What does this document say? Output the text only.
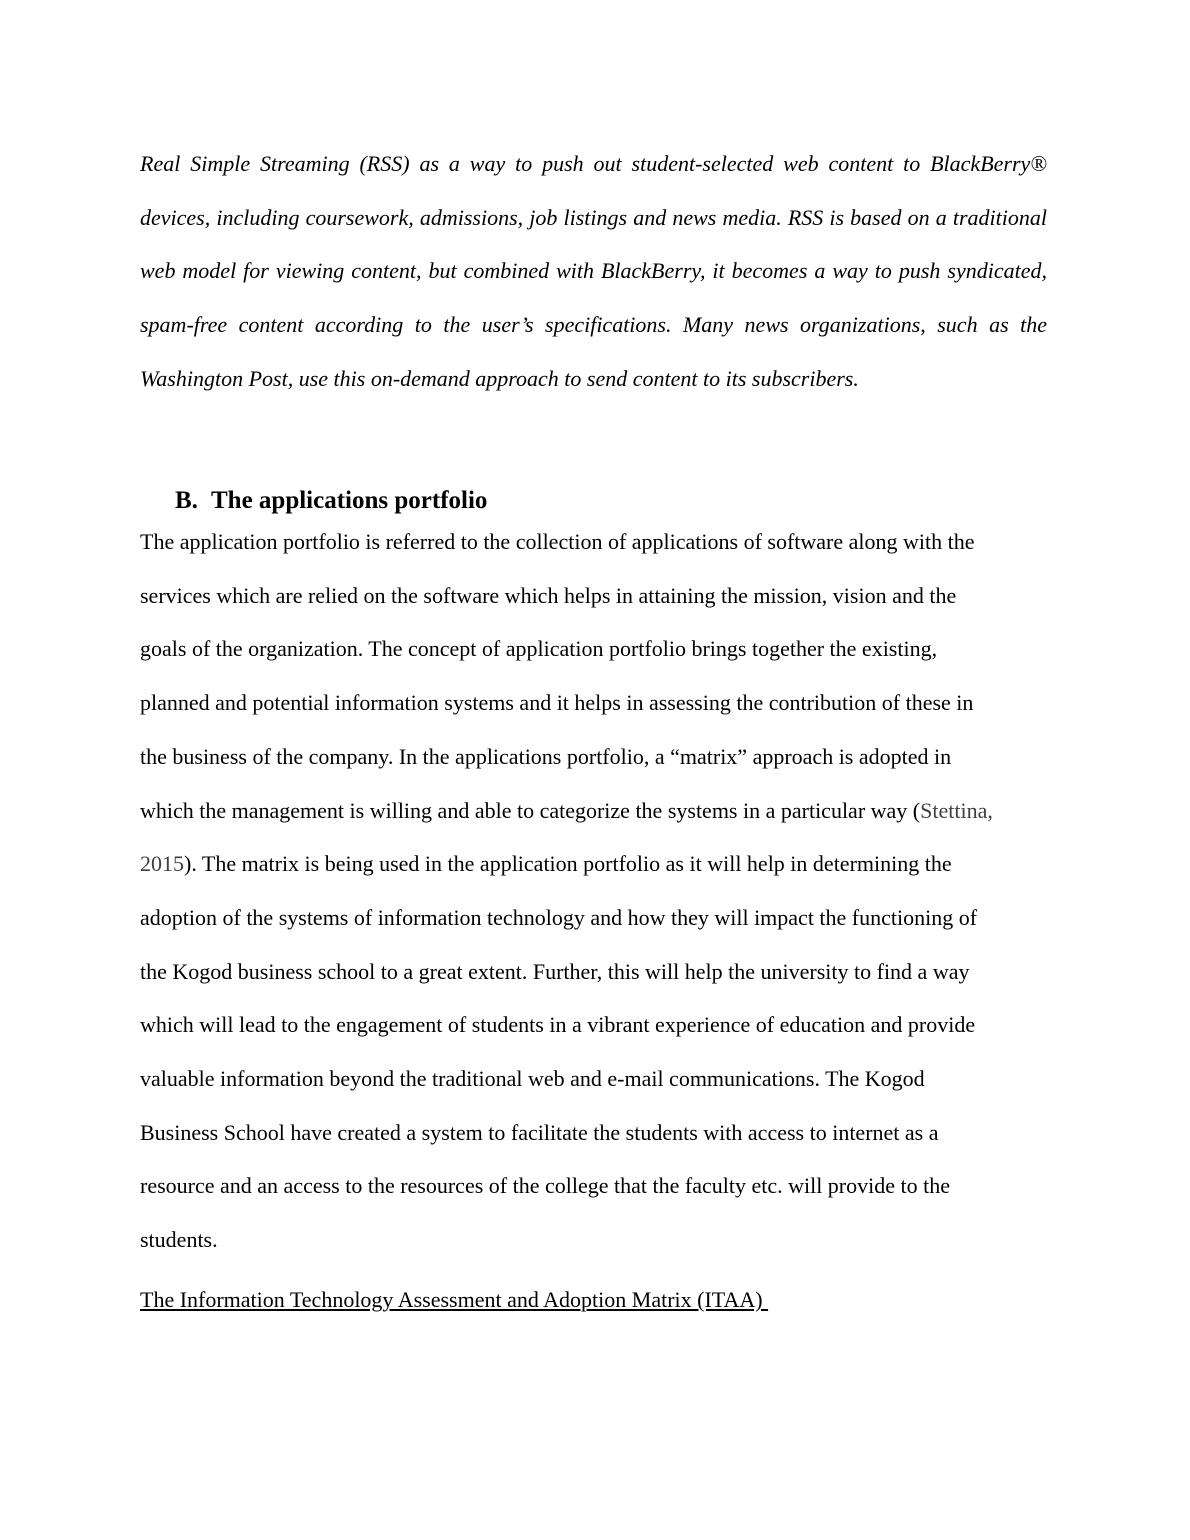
Real Simple Streaming (RSS) as a way to push out student-selected web content to BlackBerry® devices, including coursework, admissions, job listings and news media. RSS is based on a traditional web model for viewing content, but combined with BlackBerry, it becomes a way to push syndicated, spam-free content according to the user’s specifications. Many news organizations, such as the Washington Post, use this on-demand approach to send content to its subscribers.

B. The applications portfolio
The application portfolio is referred to the collection of applications of software along with the
services which are relied on the software which helps in attaining the mission, vision and the
goals of the organization. The concept of application portfolio brings together the existing,
planned and potential information systems and it helps in assessing the contribution of these in
the business of the company. In the applications portfolio, a “matrix” approach is adopted in
which the management is willing and able to categorize the systems in a particular way (Stettina,
2015). The matrix is being used in the application portfolio as it will help in determining the
adoption of the systems of information technology and how they will impact the functioning of
the Kogod business school to a great extent. Further, this will help the university to find a way
which will lead to the engagement of students in a vibrant experience of education and provide
valuable information beyond the traditional web and e-mail communications. The Kogod
Business School have created a system to facilitate the students with access to internet as a
resource and an access to the resources of the college that the faculty etc. will provide to the
students.

The Information Technology Assessment and Adoption Matrix (ITAA)
